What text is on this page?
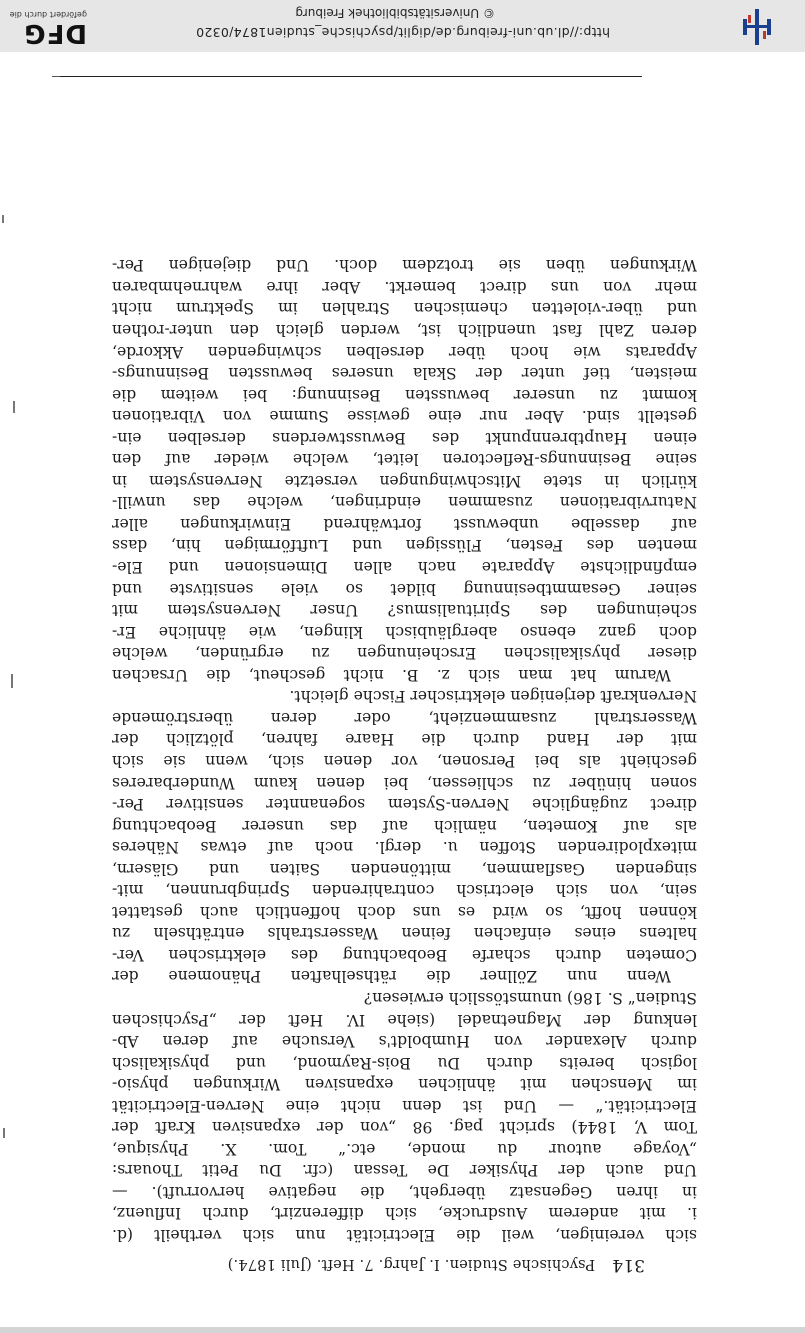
314 Psychische Studien. I. Jahrg. 7. Heft. (Juli 1874.)
sich vereinigen, weil die Electricität nun sich vertheilt (d.
i. mit anderem Ausdrucke, sich differenzirt, durch Influenz,
in ihren Gegensatz übergeht, die negative hervorruft). —
Und auch der Physiker De Tessan (cfr. Du Petit Thouars:
„Voyage autour du monde, etc.“ Tom. X. Physique,
Tom V, 1844) spricht pag. 98 „von der expansiven Kraft der
Electricität.“ — Und ist denn nicht eine Nerven-Electricität
im Menschen mit ähnlichen expansiven Wirkungen physio-
logisch bereits durch Du Bois-Raymond, und physikalisch
durch Alexander von Humboldt's Versuche auf deren Ab-
lenkung der Magnetnadel (siehe IV. Heft der „Psychischen
Studien“ S. 186) unumstösslich erwiesen?
Wenn nun Zöllner die räthselhaften Phänomene der
Cometen durch scharfe Beobachtung des elektrischen Ver-
haltens eines einfachen feinen Wasserstrahls enträthseln zu
können hofft, so wird es uns doch hoffentlich auch gestattet
sein, von sich electrisch contrahirenden Springbrunnen, mit-
singenden Gasflammen, mittönenden Saiten und Gläsern,
mitexplodirenden Stoffen u. dergl. noch auf etwas Näheres
als auf Kometen, nämlich auf das unserer Beobachtung
direct zugängliche Nerven-System sogenannter sensitiver Per-
sonen hinüber zu schliessen, bei denen kaum Wunderbareres
geschieht als bei Personen, vor denen sich, wenn sie sich
mit der Hand durch die Haare fahren, plötzlich der
Wasserstrahl zusammenzieht, oder deren überströmende
Nervenkraft derjenigen elektrischer Fische gleicht.
Warum hat man sich z. B. nicht gescheut, die Ursachen
dieser physikalischen Erscheinungen zu ergründen, welche
doch ganz ebenso abergläubisch klingen, wie ähnliche Er-
scheinungen des Spiritualismus? Unser Nervensystem mit
seiner Gesammtbesinnung bildet so viele sensitivste und
empfindlichste Apparate nach allen Dimensionen und Ele-
menten des Festen, Flüssigen und Luftförmigen hin, dass
auf dasselbe unbewusst fortwährend Einwirkungen aller
Naturvibrationen zusammen eindringen, welche das unwill-
kürlich in stete Mitschwingungen versetzte Nervensystem in
seine Besinnungs-Reflectoren leitet, welche wieder auf den
einen Hauptbrennpunkt des Bewusstwerdens derselben ein-
gestellt sind. Aber nur eine gewisse Summe von Vibrationen
kommt zu unserer bewussten Besinnung: bei weitem die
meisten, tief unter der Skala unseres bewussten Besinnungs-
Apparats wie hoch über derselben schwingenden Akkorde,
deren Zahl fast unendlich ist, werden gleich den unter-rothen
und über-violetten chemischen Strahlen im Spektrum nicht
mehr von uns direct bemerkt. Aber ihre wahrnehmbaren
Wirkungen üben sie trotzdem doch. Und diejenigen Per-
http://dl.ub.uni-freiburg.de/diglit/psychische_studien1874/0320
© Universitätsbibliothek Freiburg
DFG
gefördert durch die
